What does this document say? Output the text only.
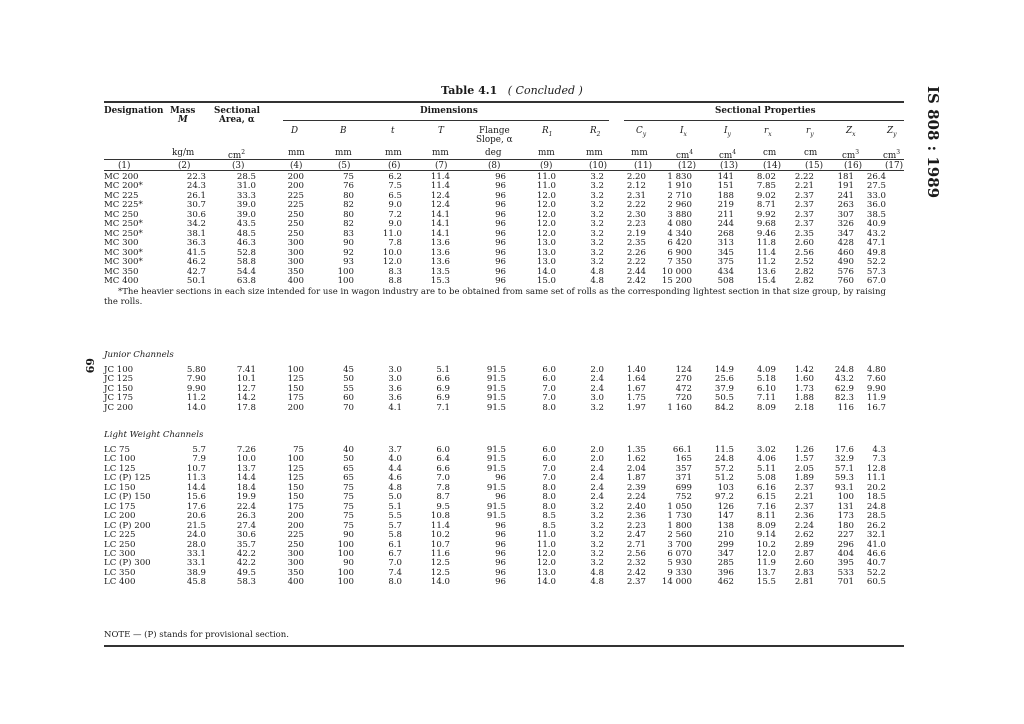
Table 4.1 ( Concluded )	IS 808 : 1989
69
Designation Mass
M
Sectional
Area, α
Dimensions	Sectional Properties
D	B	t	T	Flange
Slope, α
$R_1$	$R_2$	$C_y$	$I_x$	$I_y$	$r_x$	$r_y$	$Z_x$	$Z_y$
kg/m	$cm^2$	mm	mm	mm	mm	deg	mm	mm	mm	$cm^4$	$cm^4$	cm	cm	$cm^3$	$cm^3$
(1)	(2)	(3)	(4)	(5)	(6)	(7)	(8)	(9)	(10)	(11)	(12)	(13)	(14)	(15) (16)	(17)
MC 200	22.3	28.5	200	75	6.2	11.4	96	11.0	3.2	2.20	1 830	141	8.02	2.22	181	26.4
MC 200*	24.3	31.0	200	76	7.5	11.4	96	11.0	3.2	2.12	1 910	151	7.85	2.21	191	27.5
MC 225	26.1	33.3	225	80	6.5	12.4	96	12.0	3.2	2.31	2 710	188	9.02	2.37	241	33.0
MC 225*	30.7	39.0	225	82	9.0	12.4	96	12.0	3.2	2.22	2 960	219	8.71	2.37	263	36.0
MC 250	30.6	39.0	250	80	7.2	14.1	96	12.0	3.2	2.30	3 880	211	9.92	2.37	307	38.5
MC 250*	34.2	43.5	250	82	9.0	14.1	96	12.0	3.2	2.23	4 080	244	9.68	2.37	326	40.9
MC 250*	38.1	48.5	250	83	11.0	14.1	96	12.0	3.2	2.19	4 340	268	9.46	2.35	347	43.2
MC 300	36.3	46.3	300	90	7.8	13.6	96	13.0	3.2	2.35	6 420	313	11.8	2.60	428	47.1
MC 300*	41.5	52.8	300	92	10.0	13.6	96	13.0	3.2	2.26	6 900	345	11.4	2.56	460	49.8
MC 300*	46.2	58.8	300	93	12.0	13.6	96	13.0	3.2	2.22	7 350	375	11.2	2.52	490	52.2
MC 350	42.7	54.4	350	100	8.3	13.5	96	14.0	4.8	2.44	10 000	434	13.6	2.82	576	57.3
MC 400	50.1	63.8	400	100	8.8	15.3	96	15.0	4.8	2.42	15 200	508	15.4	2.82	760	67.0
*The heavier sections in each size intended for use in wagon industry are to be obtained from same set of rolls as the corresponding lightest section in that size group, by raising
the rolls.
Junior Channels
JC 100	5.80	7.41	100	45	3.0	5.1	91.5	6.0	2.0	1.40	124	14.9	4.09	1.42	24.8	4.80
JC 125	7.90	10.1	125	50	3.0	6.6	91.5	6.0	2.4	1.64	270	25.6	5.18	1.60	43.2	7.60
JC 150	9.90	12.7	150	55	3.6	6.9	91.5	7.0	2.4	1.67	472	37.9	6.10	1.73	62.9	9.90
JC 175	11.2	14.2	175	60	3.6	6.9	91.5	7.0	3.0	1.75	720	50.5	7.11	1.88	82.3	11.9
JC 200	14.0	17.8	200	70	4.1	7.1	91.5	8.0	3.2	1.97	1 160	84.2	8.09	2.18	116	16.7
Light Weight Channels
LC 75	5.7	7.26	75	40	3.7	6.0	91.5	6.0	2.0	1.35	66.1	11.5	3.02	1.26	17.6	4.3
LC 100	7.9	10.0	100	50	4.0	6.4	91.5	6.0	2.0	1.62	165	24.8	4.06	1.57	32.9	7.3
LC 125	10.7	13.7	125	65	4.4	6.6	91.5	7.0	2.4	2.04	357	57.2	5.11	2.05	57.1	12.8
LC (P) 125	11.3	14.4	125	65	4.6	7.0	96	7.0	2.4	1.87	371	51.2	5.08	1.89	59.3	11.1
LC 150	14.4	18.4	150	75	4.8	7.8	91.5	8.0	2.4	2.39	699	103	6.16	2.37	93.1	20.2
LC (P) 150	15.6	19.9	150	75	5.0	8.7	96	8.0	2.4	2.24	752	97.2	6.15	2.21	100	18.5
LC 175	17.6	22.4	175	75	5.1	9.5	91.5	8.0	3.2	2.40	1 050	126	7.16	2.37	131	24.8
LC 200	20.6	26.3	200	75	5.5	10.8	91.5	8.5	3.2	2.36	1 730	147	8.11	2.36	173	28.5
LC (P) 200	21.5	27.4	200	75	5.7	11.4	96	8.5	3.2	2.23	1 800	138	8.09	2.24	180	26.2
LC 225	24.0	30.6	225	90	5.8	10.2	96	11.0	3.2	2.47	2 560	210	9.14	2.62	227	32.1
LC 250	28.0	35.7	250	100	6.1	10.7	96	11.0	3.2	2.71	3 700	299	10.2	2.89	296	41.0
LC 300	33.1	42.2	300	100	6.7	11.6	96	12.0	3.2	2.56	6 070	347	12.0	2.87	404	46.6
LC (P) 300	33.1	42.2	300	90	7.0	12.5	96	12.0	3.2	2.32	5 930	285	11.9	2.60	395	40.7
LC 350	38.9	49.5	350	100	7.4	12.5	96	13.0	4.8	2.42	9 330	396	13.7	2.83	533	52.2
LC 400	45.8	58.3	400	100	8.0	14.0	96	14.0	4.8	2.37	14 000	462	15.5	2.81	701	60.5
NOTE — (P) stands for provisional section.
